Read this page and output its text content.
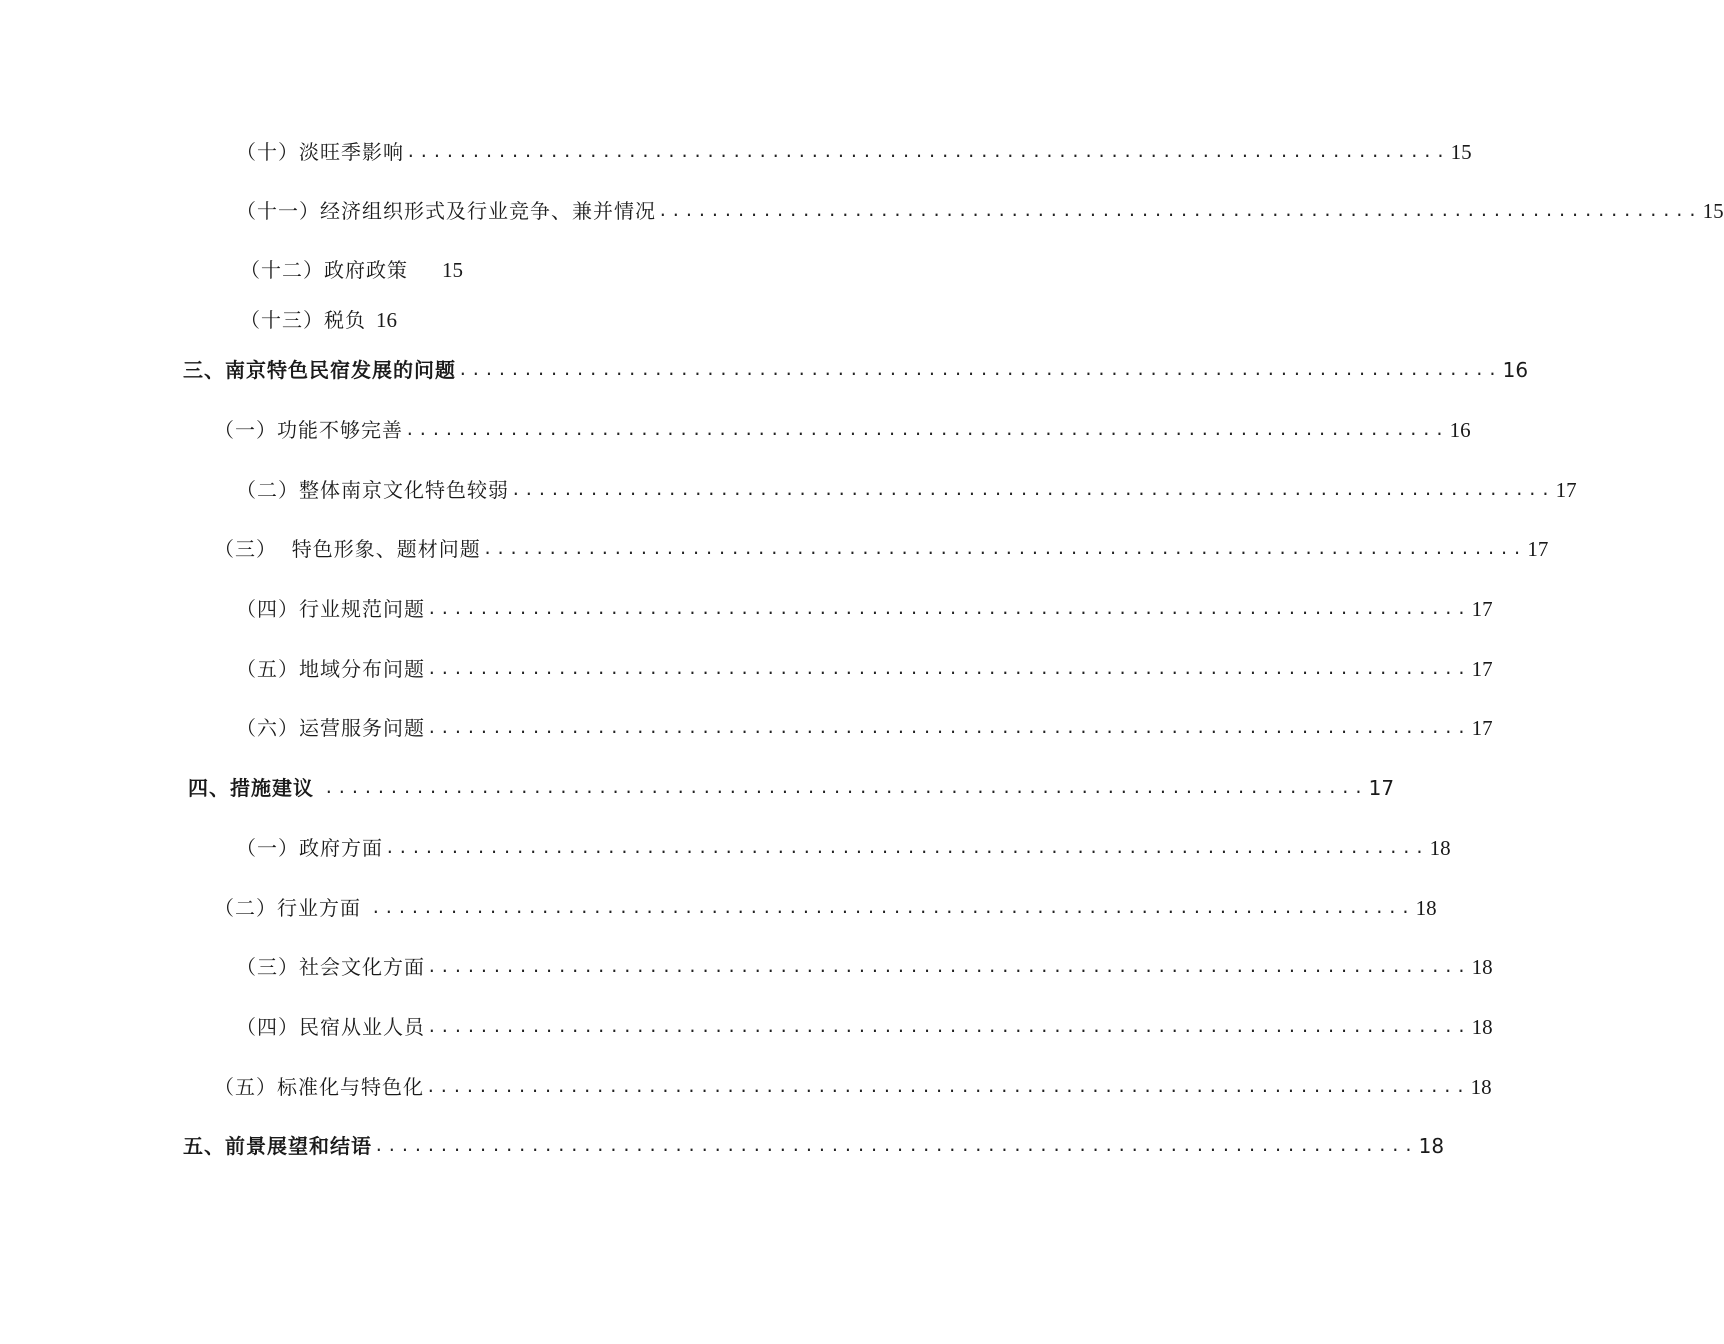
（十）淡旺季影响 ................................................................................ 15
（十一）经济组织形式及行业竞争、兼并情况 ................................................................................ 15
（十二）政府政策 15
（十三）税负 16
三、南京特色民宿发展的问题 ................................................................................ 16
（一）功能不够完善 ................................................................................ 16
（二）整体南京文化特色较弱 ................................................................................ 17
（三）  特色形象、题材问题 ................................................................................ 17
（四）行业规范问题 ................................................................................ 17
（五）地域分布问题 ................................................................................ 17
（六）运营服务问题 ................................................................................ 17
四、措施建议 ................................................................................ 17
（一）政府方面 ................................................................................ 18
（二）行业方面 ................................................................................ 18
（三）社会文化方面 ................................................................................ 18
（四）民宿从业人员 ................................................................................ 18
（五）标准化与特色化 ................................................................................ 18
五、前景展望和结语 ................................................................................ 18
